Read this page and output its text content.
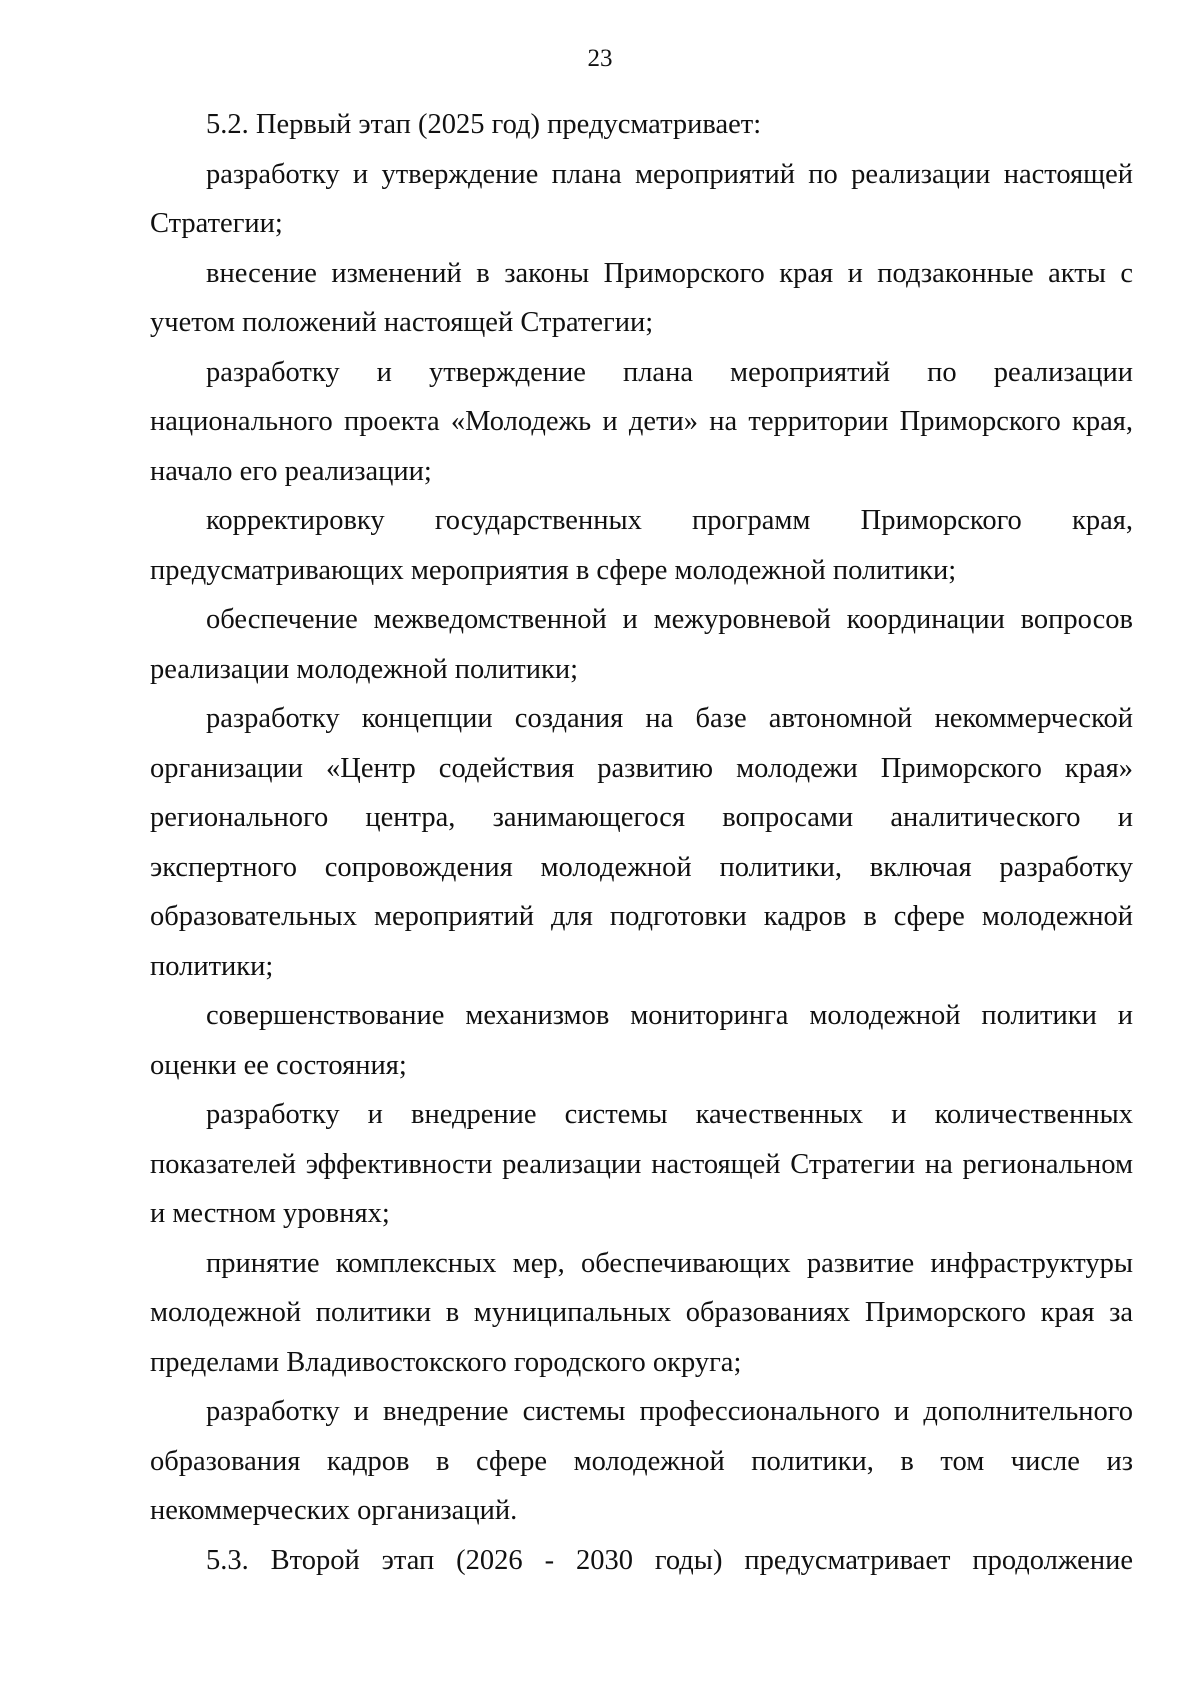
23

5.2. Первый этап (2025 год) предусматривает:

разработку и утверждение плана мероприятий по реализации настоящей Стратегии;

внесение изменений в законы Приморского края и подзаконные акты с учетом положений настоящей Стратегии;

разработку и утверждение плана мероприятий по реализации национального проекта «Молодежь и дети» на территории Приморского края, начало его реализации;

корректировку государственных программ Приморского края, предусматривающих мероприятия в сфере молодежной политики;

обеспечение межведомственной и межуровневой координации вопросов реализации молодежной политики;

разработку концепции создания на базе автономной некоммерческой организации «Центр содействия развитию молодежи Приморского края» регионального центра, занимающегося вопросами аналитического и экспертного сопровождения молодежной политики, включая разработку образовательных мероприятий для подготовки кадров в сфере молодежной политики;

совершенствование механизмов мониторинга молодежной политики и оценки ее состояния;

разработку и внедрение системы качественных и количественных показателей эффективности реализации настоящей Стратегии на региональном и местном уровнях;

принятие комплексных мер, обеспечивающих развитие инфраструктуры молодежной политики в муниципальных образованиях Приморского края за пределами Владивостокского городского округа;

разработку и внедрение системы профессионального и дополнительного образования кадров в сфере молодежной политики, в том числе из некоммерческих организаций.

5.3. Второй этап (2026 - 2030 годы) предусматривает продолжение
